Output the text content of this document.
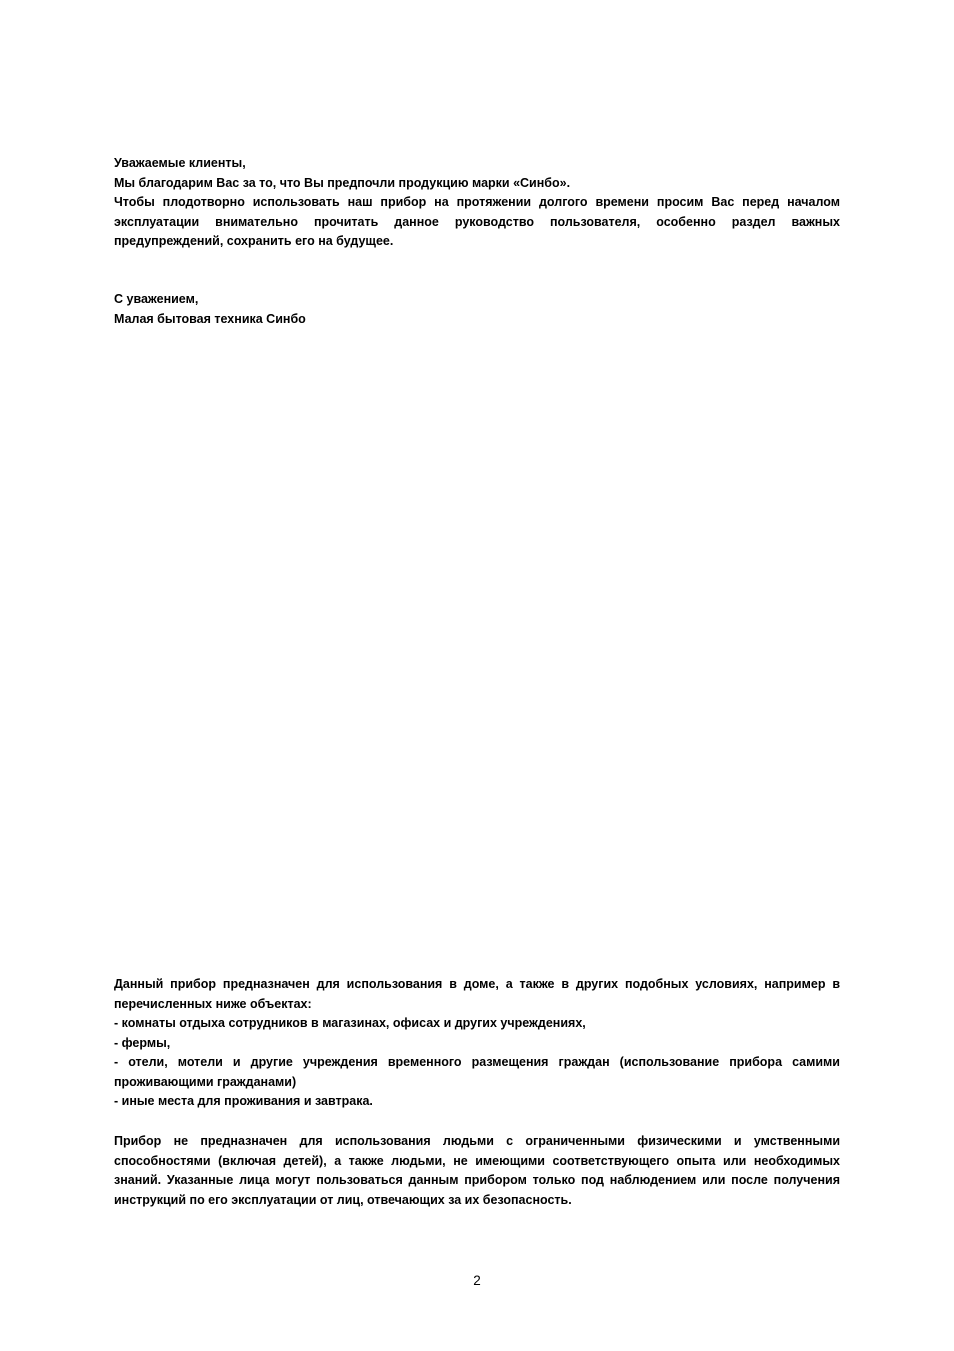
Уважаемые клиенты,

Мы благодарим Вас за то, что Вы предпочли продукцию марки «Синбо».

Чтобы плодотворно использовать наш прибор на протяжении долгого времени просим Вас перед началом эксплуатации внимательно прочитать данное руководство пользователя, особенно раздел важных предупреждений, сохранить его на будущее.

С уважением,

Малая бытовая техника Синбо

Данный прибор предназначен для использования в доме, а также в других подобных условиях, например в перечисленных ниже объектах:

- комнаты отдыха сотрудников в магазинах, офисах и других учреждениях,

- фермы,

- отели, мотели и другие учреждения временного размещения граждан (использование прибора самими проживающими гражданами)

- иные места для проживания и завтрака.

Прибор не предназначен для использования людьми с ограниченными физическими и умственными способностями (включая детей), а также людьми, не имеющими соответствующего опыта или необходимых знаний. Указанные лица могут пользоваться данным прибором только под наблюдением или после получения инструкций по его эксплуатации от лиц, отвечающих за их безопасность.

2
